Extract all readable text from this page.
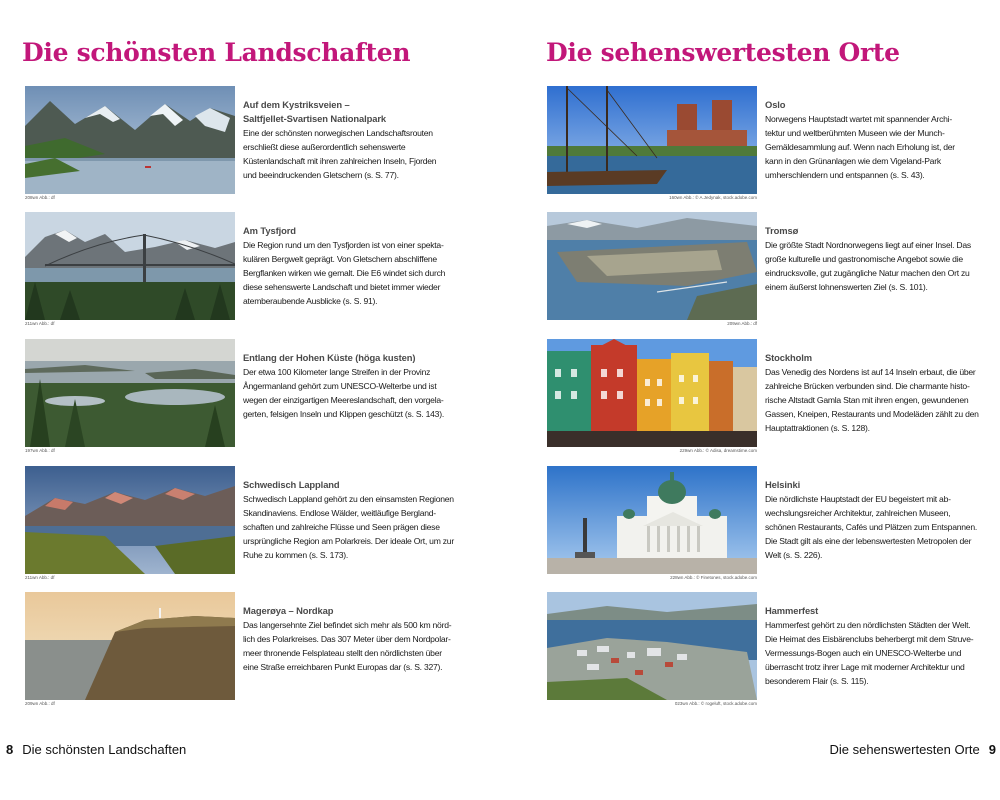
Die schönsten Landschaften
208wn Abb.: df
Auf dem Kystriksveien –
Saltfjellet-Svartisen Nationalpark
Eine der schönsten norwegischen Landschaftsrouten
erschließt diese außerordentlich sehenswerte
Küstenlandschaft mit ihren zahlreichen Inseln, Fjorden
und beeindruckenden Gletschern (s. S. 77).
211wn Abb.: df
Am Tysfjord
Die Region rund um den Tysfjorden ist von einer spekta-
kulären Bergwelt geprägt. Von Gletschern abschliffene
Bergflanken wirken wie gemalt. Die E6 windet sich durch
diese sehenswerte Landschaft und bietet immer wieder
atemberaubende Ausblicke (s. S. 91).
197wn Abb.: df
Entlang der Hohen Küste (höga kusten)
Der etwa 100 Kilometer lange Streifen in der Provinz
Ångermanland gehört zum UNESCO-Welterbe und ist
wegen der einzigartigen Meereslandschaft, den vorgela-
gerten, felsigen Inseln und Klippen geschützt (s. S. 143).
211wn Abb.: df
Schwedisch Lappland
Schwedisch Lappland gehört zu den einsamsten Regionen
Skandinaviens. Endlose Wälder, weitläufige Bergland-
schaften und zahlreiche Flüsse und Seen prägen diese
ursprüngliche Region am Polarkreis. Der ideale Ort, um zur
Ruhe zu kommen (s. S. 173).
209wn Abb.: df
Magerøya – Nordkap
Das langersehnte Ziel befindet sich mehr als 500 km nörd-
lich des Polarkreises. Das 307 Meter über dem Nordpolar-
meer thronende Felsplateau stellt den nördlichsten über
eine Straße erreichbaren Punkt Europas dar (s. S. 327).
8 Die schönsten Landschaften
Die sehenswertesten Orte
160wn Abb.: © A.Jedynak, stock.adobe.com
Oslo
Norwegens Hauptstadt wartet mit spannender Archi-
tektur und weltberühmten Museen wie der Munch-
Gemäldesammlung auf. Wenn nach Erholung ist, der
kann in den Grünanlagen wie dem Vigeland-Park
umherschlendern und entspannen (s. S. 43).
209wn Abb.: df
Tromsø
Die größte Stadt Nordnorwegens liegt auf einer Insel. Das
große kulturelle und gastronomische Angebot sowie die
eindrucksvolle, gut zugängliche Natur machen den Ort zu
einem äußerst lohnenswerten Ziel (s. S. 101).
229wn Abb.: © Adisa, dreamstime.com
Stockholm
Das Venedig des Nordens ist auf 14 Inseln erbaut, die über
zahlreiche Brücken verbunden sind. Die charmante histo-
rische Altstadt Gamla Stan mit ihren engen, gewundenen
Gassen, Kneipen, Restaurants und Modeläden zählt zu den
Hauptattraktionen (s. S. 128).
228wn Abb.: © Finetones, stock.adobe.com
Helsinki
Die nördlichste Hauptstadt der EU begeistert mit ab-
wechslungsreicher Architektur, zahlreichen Museen,
schönen Restaurants, Cafés und Plätzen zum Entspannen.
Die Stadt gilt als eine der lebenswertesten Metropolen der
Welt (s. S. 226).
023wn Abb.: © rogeluft, stock.adobe.com
Hammerfest
Hammerfest gehört zu den nördlichsten Städten der Welt.
Die Heimat des Eisbärenclubs beherbergt mit dem Struve-
Vermessungs-Bogen auch ein UNESCO-Welterbe und
überrascht trotz ihrer Lage mit moderner Architektur und
besonderem Flair (s. S. 115).
Die sehenswertesten Orte 9
